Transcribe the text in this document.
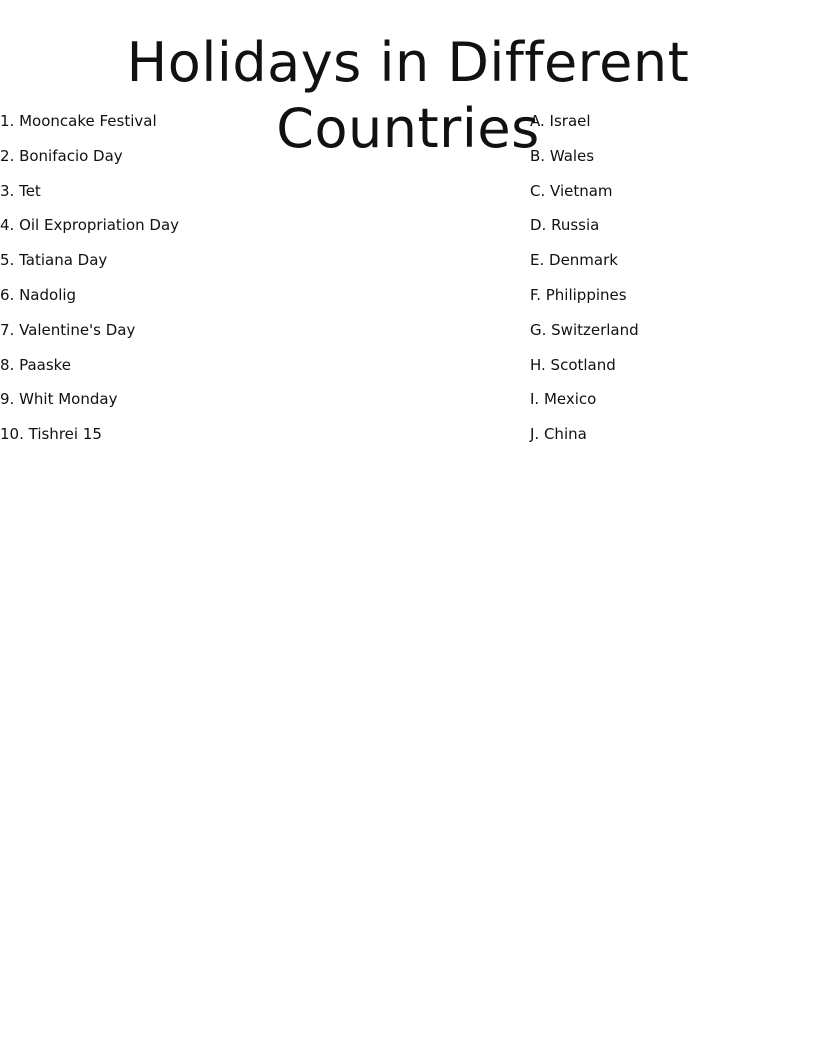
Holidays in Different Countries
1. Mooncake Festival
2. Bonifacio Day
3. Tet
4. Oil Expropriation Day
5. Tatiana Day
6. Nadolig
7. Valentine's Day
8. Paaske
9. Whit Monday
10. Tishrei 15
A. Israel
B. Wales
C. Vietnam
D. Russia
E. Denmark
F. Philippines
G. Switzerland
H. Scotland
I. Mexico
J. China
